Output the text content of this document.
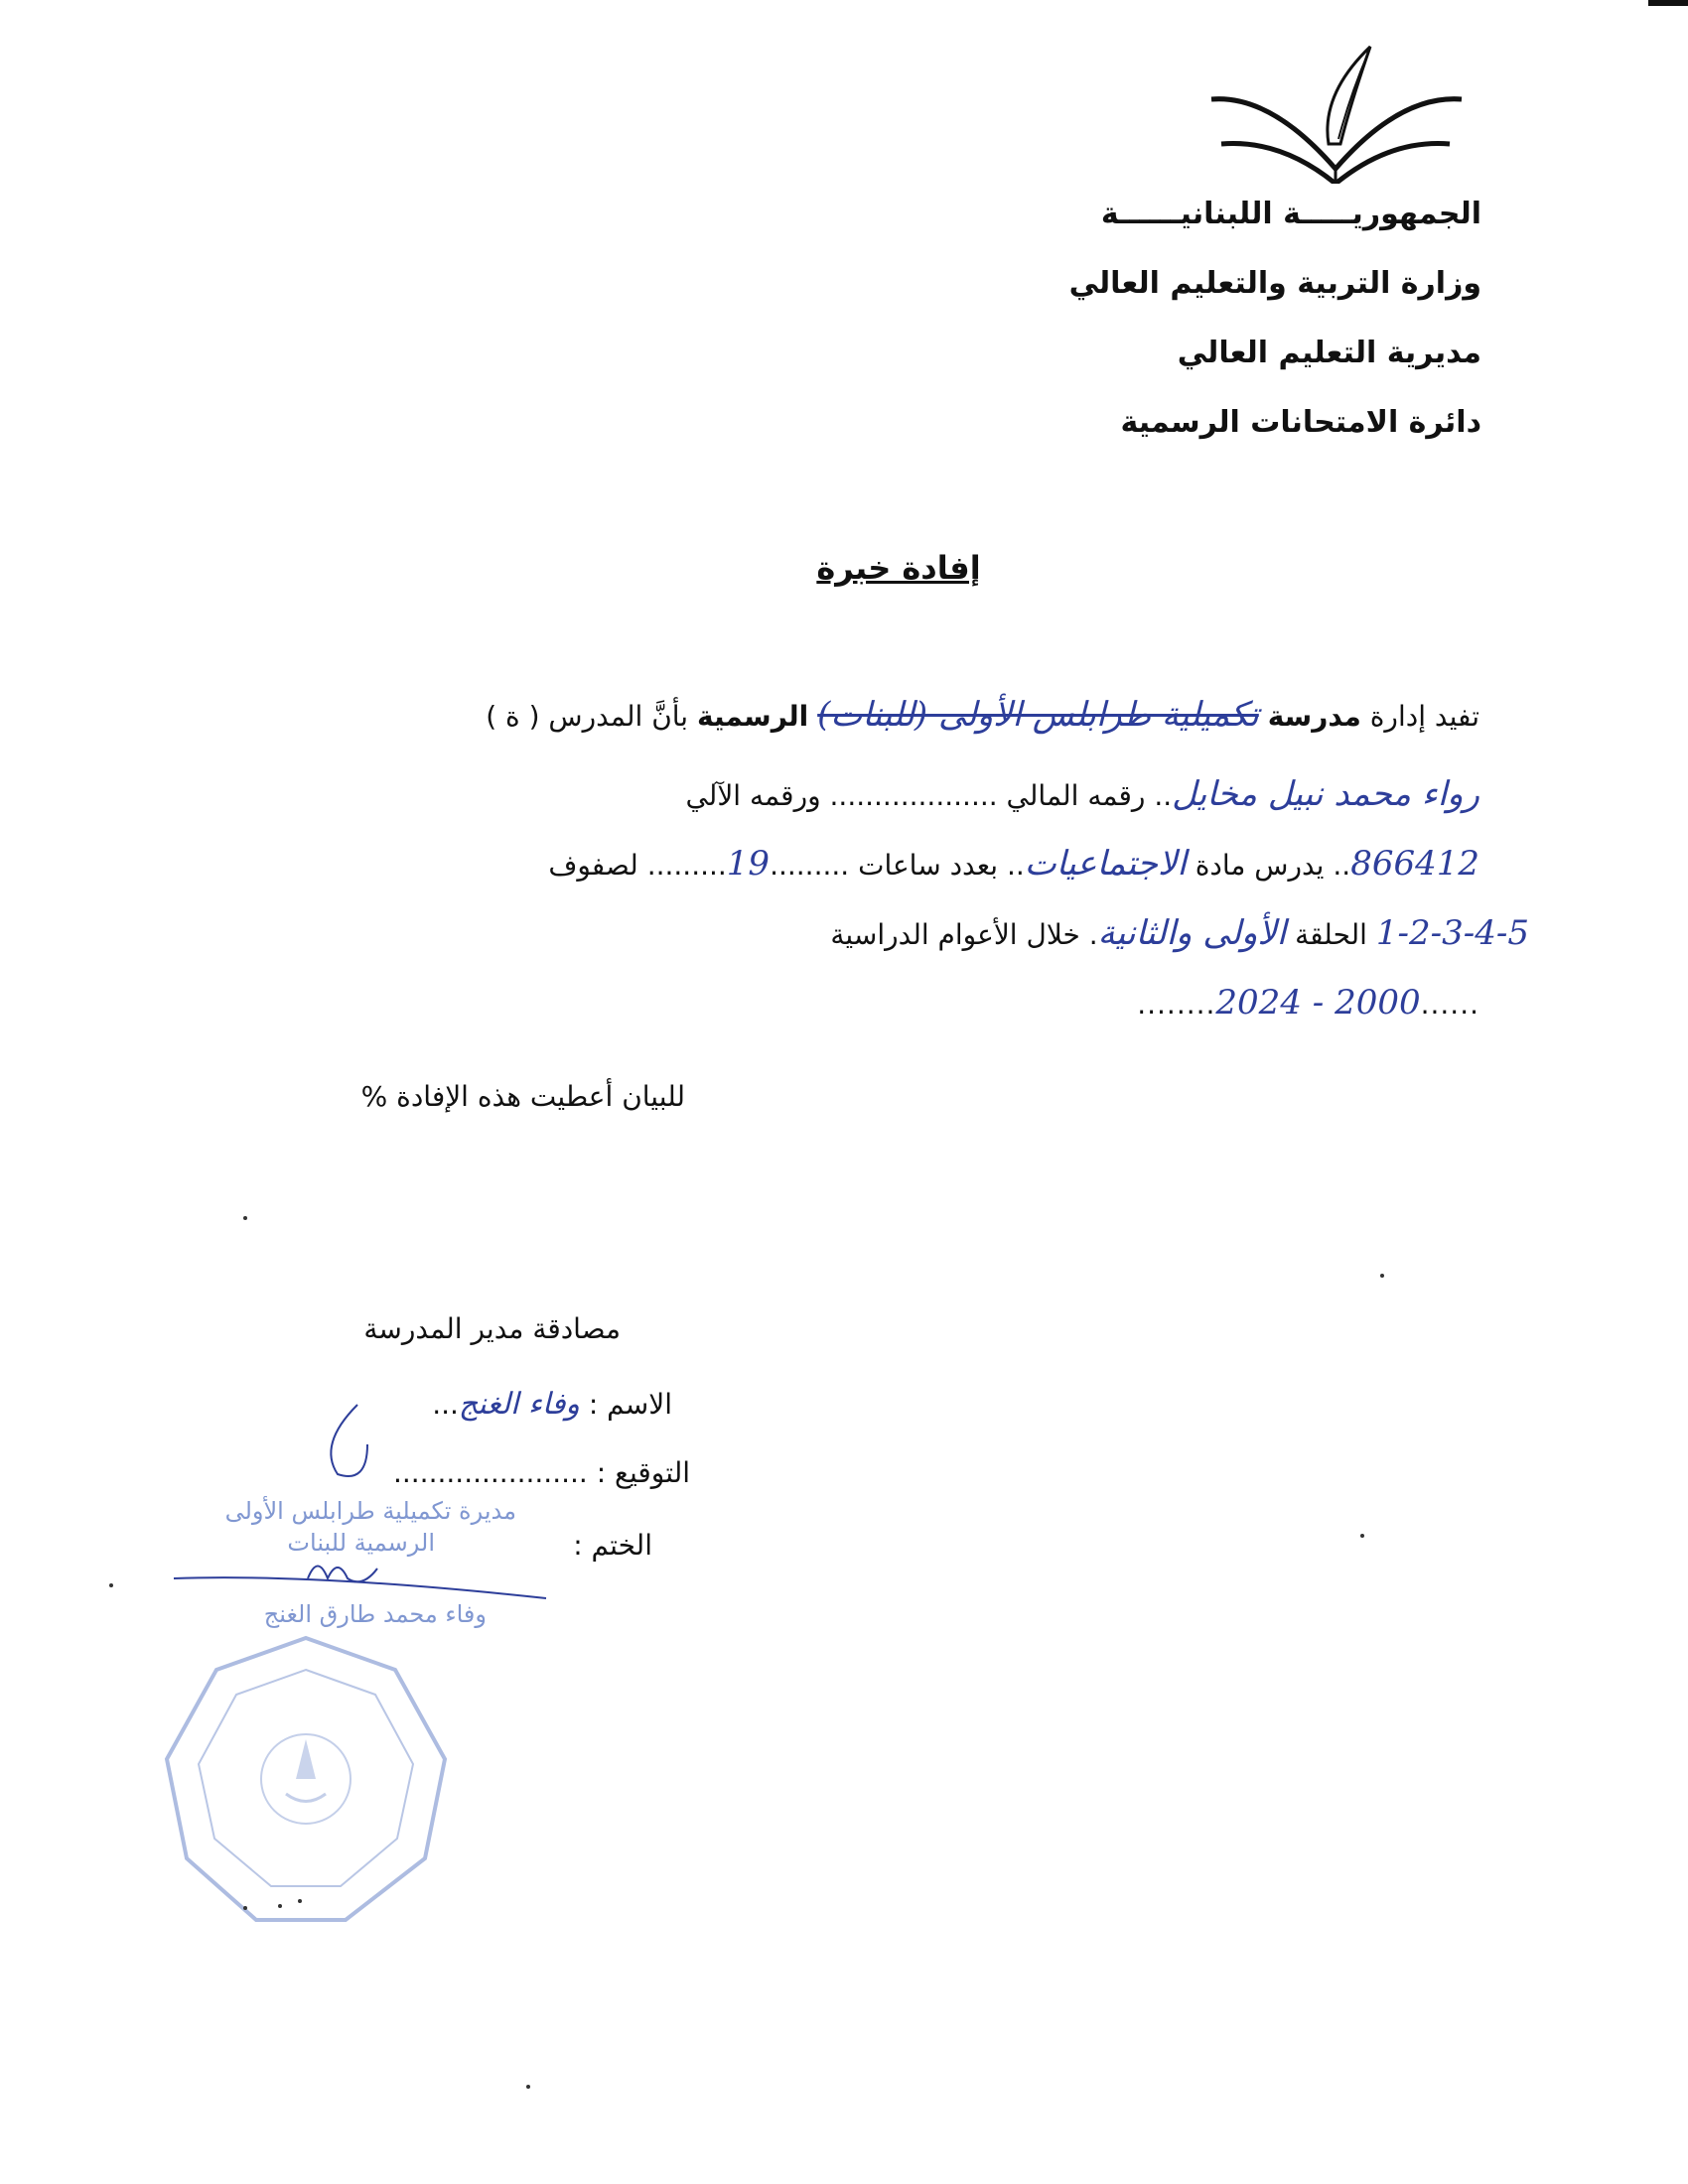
الجمهوريـــــة اللبنانيــــــة
وزارة التربية والتعليم العالي
مديرية التعليم العالي
دائرة الامتحانات الرسمية
إفادة خبرة
تفيد إدارة مدرسة تكميلية طرابلس الأولى (للبنات) الرسمية بأنَّ المدرس ( ة )
رواء محمد نبيل مخايل.. رقمه المالي ................... ورقمه الآلي
866412.. يدرس مادة الاجتماعيات.. بعدد ساعات .........19......... لصفوف
1-2-3-4-5 الحلقة الأولى والثانية. خلال الأعوام الدراسية
......2000 - 2024........
للبيان أعطيت هذه الإفادة %
مصادقة مدير المدرسة
الاسم : وفاء الغنج...
التوقيع : ......................
الختم :
مديرة تكميلية طرابلس الأولى
الرسمية للبنات
وفاء محمد طارق الغنج
